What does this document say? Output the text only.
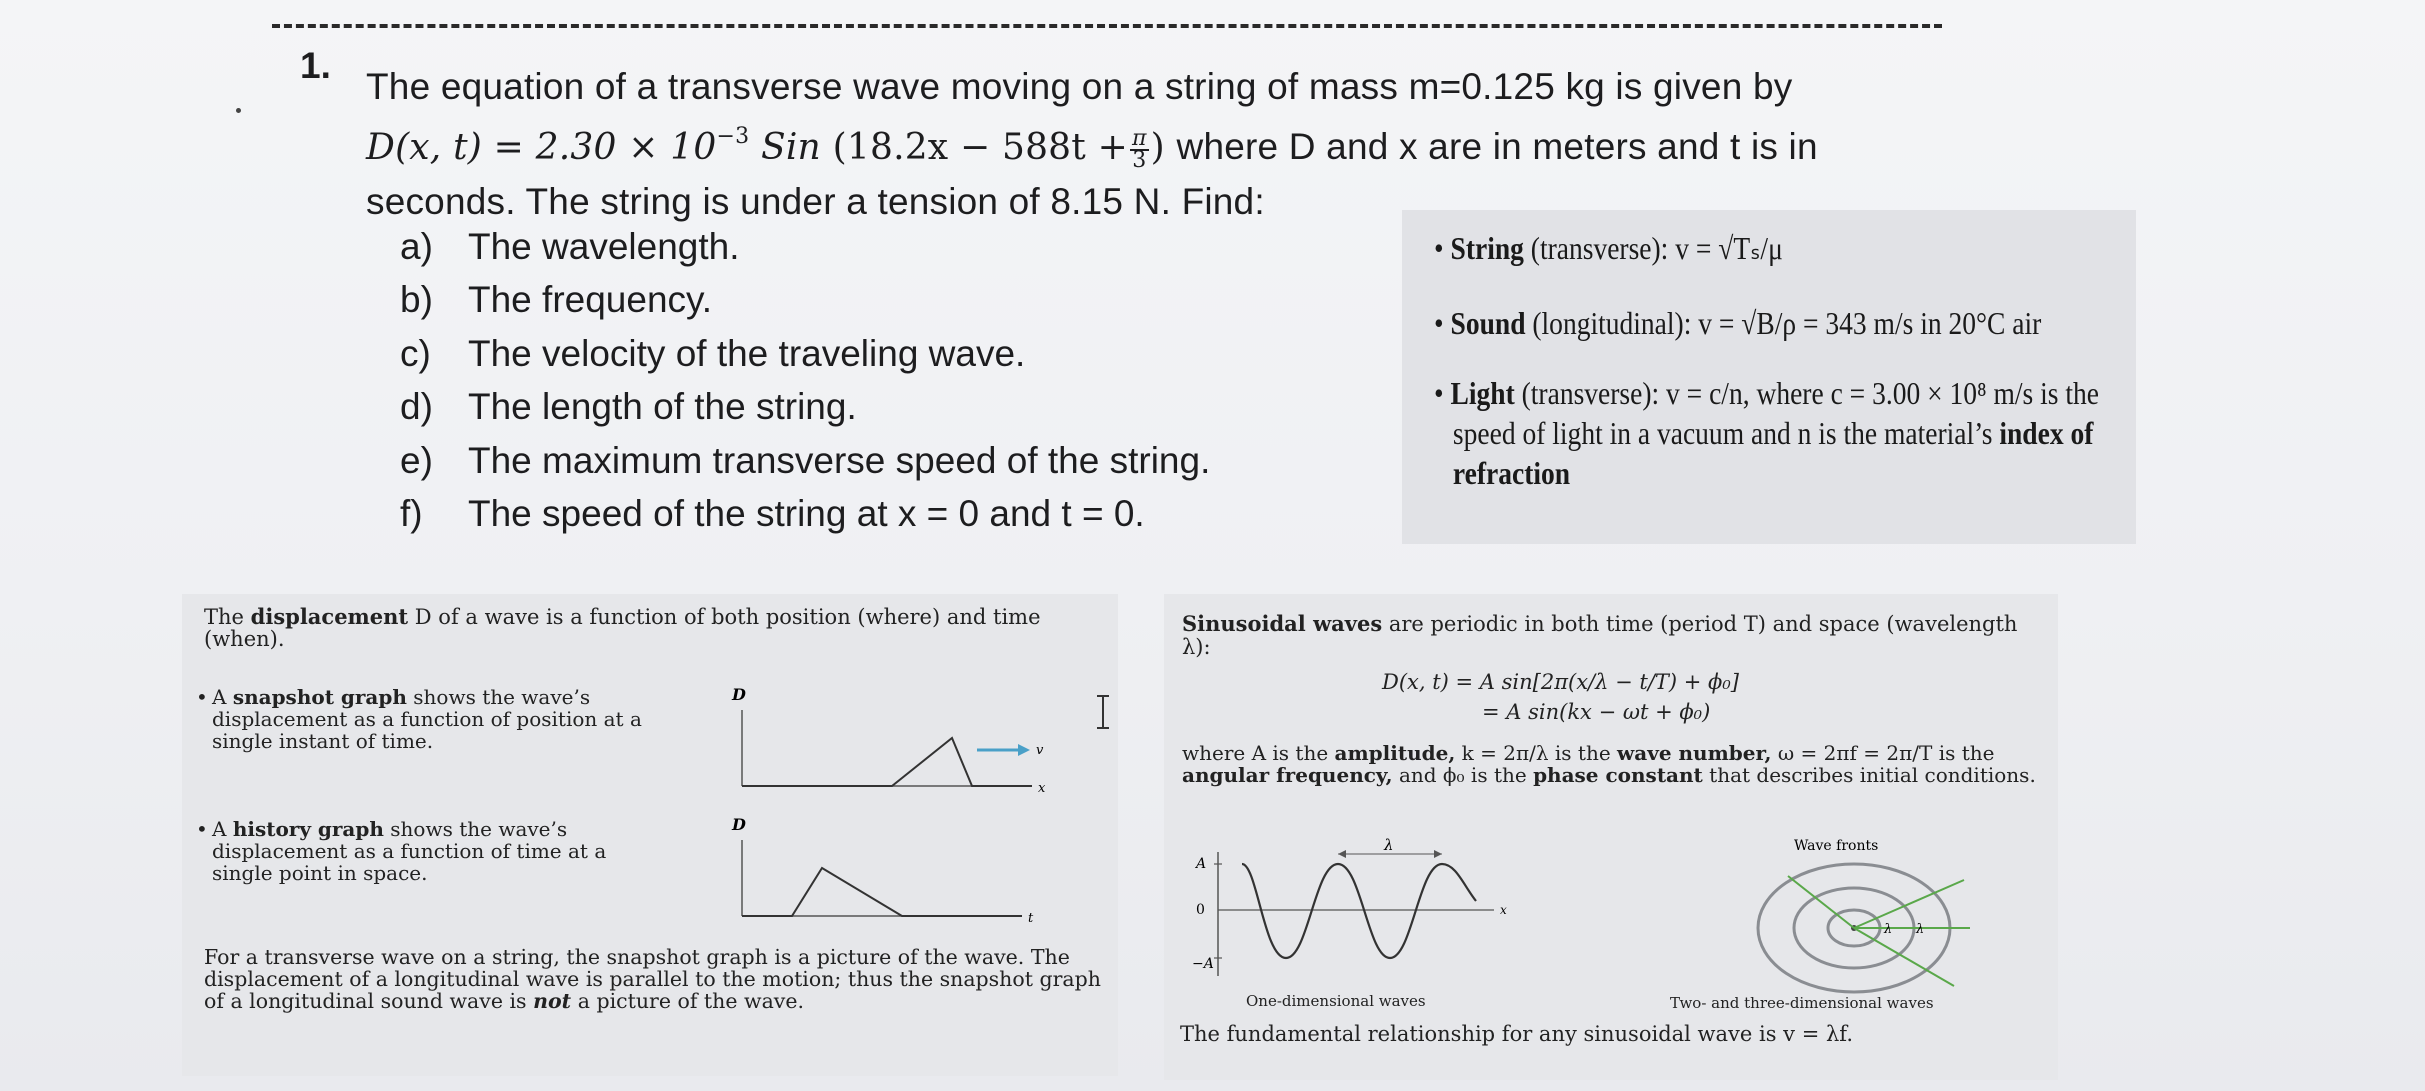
1.
The equation of a transverse wave moving on a string of mass m=0.125 kg is given by
D(x, $t) = 2.30 \times 10^{-3}$ Sin ($18.2x - 588t + \frac{\pi}{3}$ ) where D and x are in meters and t is in
seconds. The string is under a tension of 8.15 N. Find:
a) The wavelength.
b) The frequency.
c) The velocity of the traveling wave.
d) The length of the string.
e) The maximum transverse speed of the string.
f) The speed of the string at x = 0 and t = 0.
• String (transverse): v = √Tₛ/μ
• Sound (longitudinal): v = √B/ρ = 343 m/s in 20°C air
• Light (transverse): v = c/n, where c = 3.00 × 10⁸ m/s is the
speed of light in a vacuum and n is the material’s index of
refraction
The displacement D of a wave is a function of both position (where) and time (when).
• A snapshot graph shows the wave’s displacement as a function of position at a single instant of time.
• A history graph shows the wave’s displacement as a function of time at a single point in space.
D
v
x
D
t
For a transverse wave on a string, the snapshot graph is a picture of the wave. The displacement of a longitudinal wave is parallel to the motion; thus the snapshot graph of a longitudinal sound wave is not a picture of the wave.
Sinusoidal waves are periodic in both time (period T) and space (wavelength λ):
D(x, t) = A sin[2π(x/λ − t/T) + ϕ₀]
= A sin(kx − ωt + ϕ₀)
where A is the amplitude, k = 2π/λ is the wave number, ω = 2πf = 2π/T is the angular frequency, and ϕ₀ is the phase constant that describes initial conditions.
A
0
−A
λ
x
One-dimensional waves
Wave fronts
λ λ
Two- and three-dimensional waves
The fundamental relationship for any sinusoidal wave is v = λf.
